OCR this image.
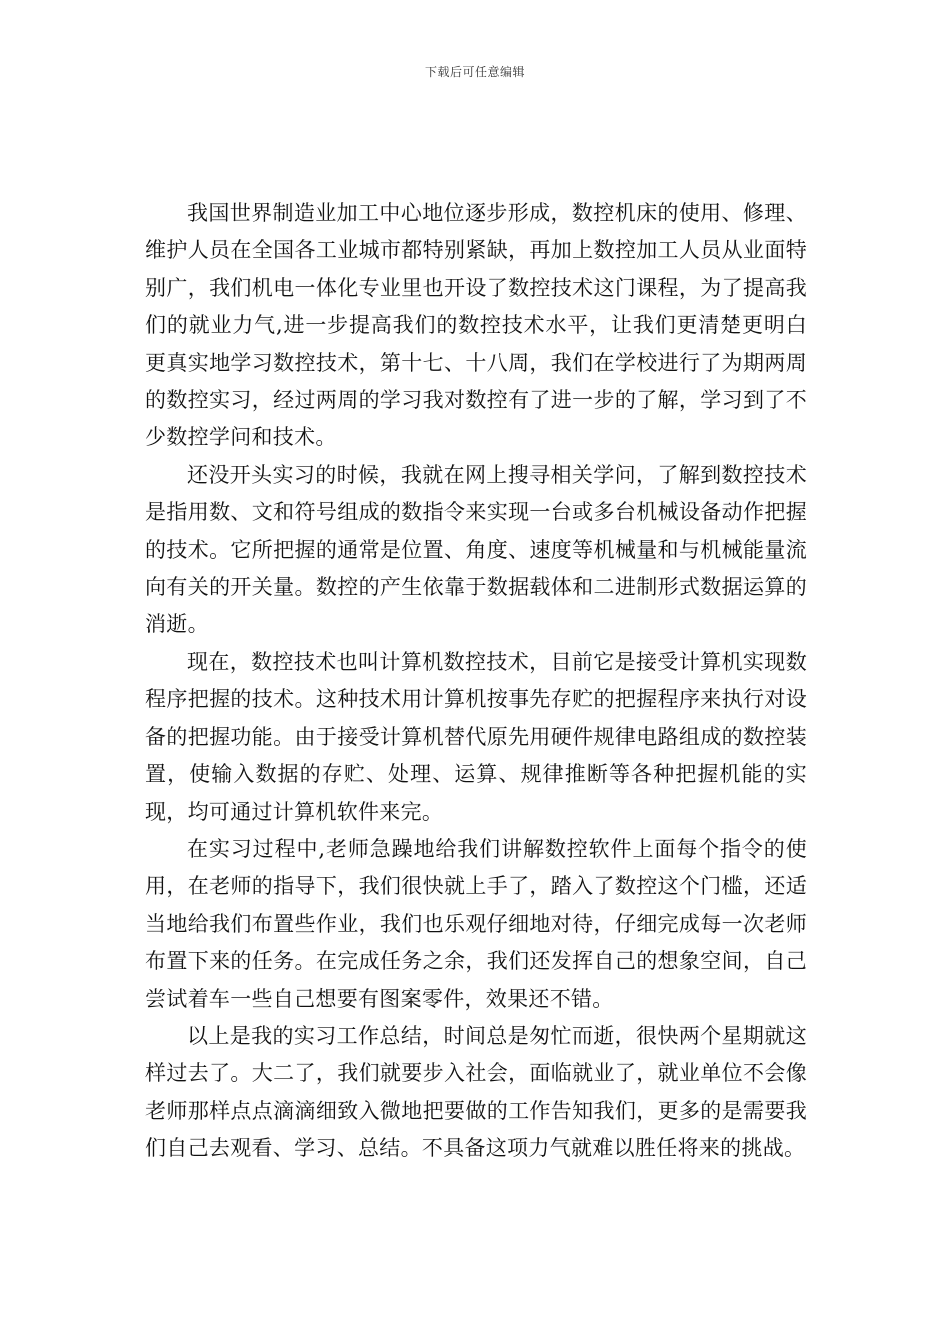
下载后可任意编辑

我国世界制造业加工中心地位逐步形成，数控机床的使用、修理、维护人员在全国各工业城市都特别紧缺，再加上数控加工人员从业面特别广，我们机电一体化专业里也开设了数控技术这门课程，为了提高我们的就业力气,进一步提高我们的数控技术水平，让我们更清楚更明白更真实地学习数控技术，第十七、十八周，我们在学校进行了为期两周的数控实习，经过两周的学习我对数控有了进一步的了解，学习到了不少数控学问和技术。

还没开头实习的时候，我就在网上搜寻相关学问，了解到数控技术是指用数、文和符号组成的数指令来实现一台或多台机械设备动作把握的技术。它所把握的通常是位置、角度、速度等机械量和与机械能量流向有关的开关量。数控的产生依靠于数据载体和二进制形式数据运算的消逝。

现在，数控技术也叫计算机数控技术，目前它是接受计算机实现数程序把握的技术。这种技术用计算机按事先存贮的把握程序来执行对设备的把握功能。由于接受计算机替代原先用硬件规律电路组成的数控装置，使输入数据的存贮、处理、运算、规律推断等各种把握机能的实现，均可通过计算机软件来完。

在实习过程中,老师急躁地给我们讲解数控软件上面每个指令的使用，在老师的指导下，我们很快就上手了，踏入了数控这个门槛，还适当地给我们布置些作业，我们也乐观仔细地对待，仔细完成每一次老师布置下来的任务。在完成任务之余，我们还发挥自己的想象空间，自己尝试着车一些自己想要有图案零件，效果还不错。

以上是我的实习工作总结，时间总是匆忙而逝，很快两个星期就这样过去了。大二了，我们就要步入社会，面临就业了，就业单位不会像老师那样点点滴滴细致入微地把要做的工作告知我们，更多的是需要我们自己去观看、学习、总结。不具备这项力气就难以胜任将来的挑战。
